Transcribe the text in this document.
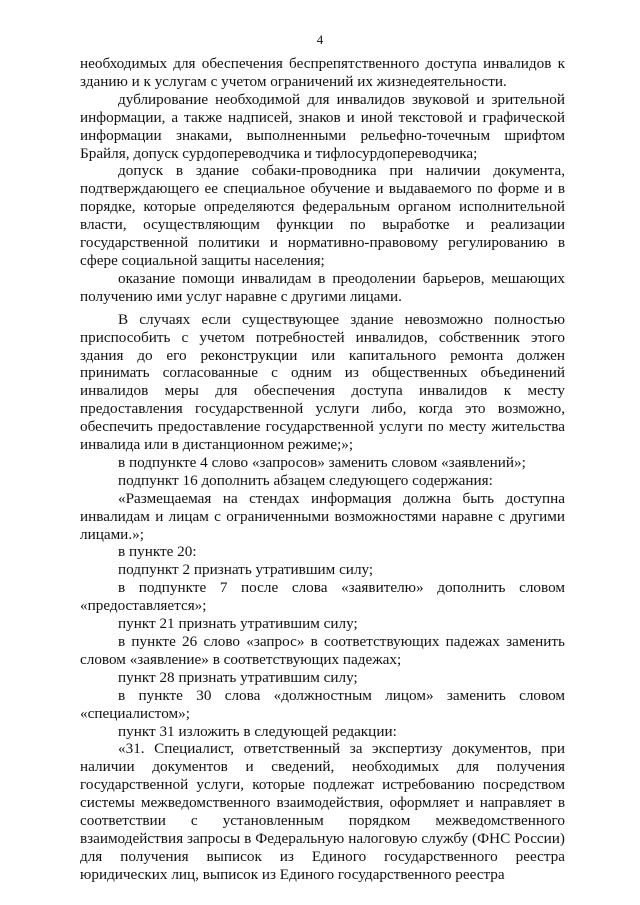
4

необходимых для обеспечения беспрепятственного доступа инвалидов к зданию и к услугам с учетом ограничений их жизнедеятельности.

дублирование необходимой для инвалидов звуковой и зрительной информации, а также надписей, знаков и иной текстовой и графической информации знаками, выполненными рельефно-точечным шрифтом Брайля, допуск сурдопереводчика и тифлосурдопереводчика;

допуск в здание собаки-проводника при наличии документа, подтверждающего ее специальное обучение и выдаваемого по форме и в порядке, которые определяются федеральным органом исполнительной власти, осуществляющим функции по выработке и реализации государственной политики и нормативно-правовому регулированию в сфере социальной защиты населения;

оказание помощи инвалидам в преодолении барьеров, мешающих получению ими услуг наравне с другими лицами.

В случаях если существующее здание невозможно полностью приспособить с учетом потребностей инвалидов, собственник этого здания до его реконструкции или капитального ремонта должен принимать согласованные с одним из общественных объединений инвалидов меры для обеспечения доступа инвалидов к месту предоставления государственной услуги либо, когда это возможно, обеспечить предоставление государственной услуги по месту жительства инвалида или в дистанционном режиме;»;

в подпункте 4 слово «запросов» заменить словом «заявлений»;

подпункт 16 дополнить абзацем следующего содержания:

«Размещаемая на стендах информация должна быть доступна инвалидам и лицам с ограниченными возможностями наравне с другими лицами.»;

в пункте 20:

подпункт 2 признать утратившим силу;

в подпункте 7 после слова «заявителю» дополнить словом «предоставляется»;

пункт 21 признать утратившим силу;

в пункте 26 слово «запрос» в соответствующих падежах заменить словом «заявление» в соответствующих падежах;

пункт 28 признать утратившим силу;

в пункте 30 слова «должностным лицом» заменить словом «специалистом»;

пункт 31 изложить в следующей редакции:

«31. Специалист, ответственный за экспертизу документов, при наличии документов и сведений, необходимых для получения государственной услуги, которые подлежат истребованию посредством системы межведомственного взаимодействия, оформляет и направляет в соответствии с установленным порядком межведомственного взаимодействия запросы в Федеральную налоговую службу (ФНС России) для получения выписок из Единого государственного реестра юридических лиц, выписок из Единого государственного реестра
